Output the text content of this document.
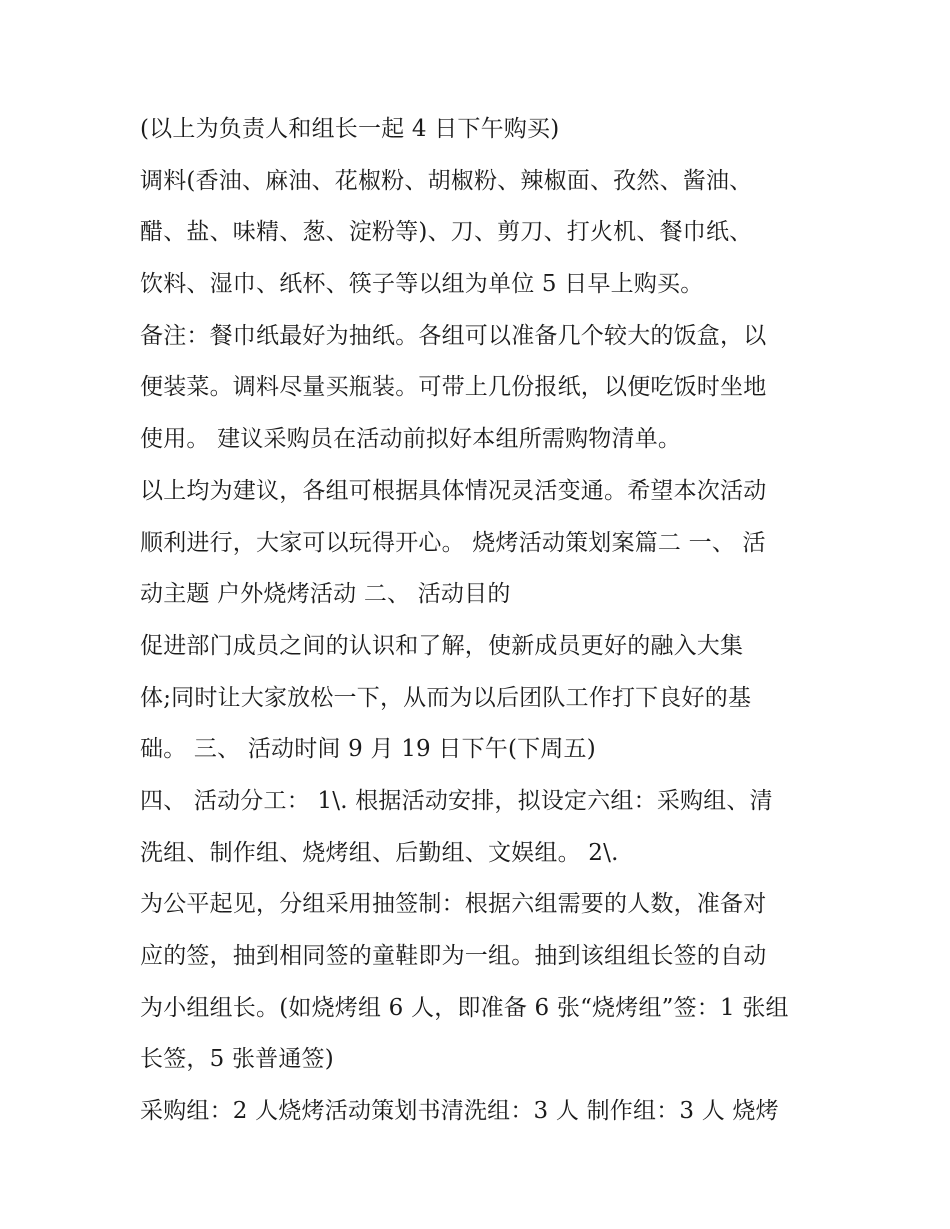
(以上为负责人和组长一起 4 日下午购买)
调料(香油、麻油、花椒粉、胡椒粉、辣椒面、孜然、酱油、
醋、盐、味精、葱、淀粉等)、刀、剪刀、打火机、餐巾纸、
饮料、湿巾、纸杯、筷子等以组为单位 5 日早上购买。
备注：餐巾纸最好为抽纸。各组可以准备几个较大的饭盒，以
便装菜。调料尽量买瓶装。可带上几份报纸，以便吃饭时坐地
使用。 建议采购员在活动前拟好本组所需购物清单。
以上均为建议，各组可根据具体情况灵活变通。希望本次活动
顺利进行，大家可以玩得开心。 烧烤活动策划案篇二 一、 活
动主题 户外烧烤活动 二、 活动目的
促进部门成员之间的认识和了解，使新成员更好的融入大集
体;同时让大家放松一下，从而为以后团队工作打下良好的基
础。 三、 活动时间 9 月 19 日下午(下周五)
四、 活动分工： 1\. 根据活动安排，拟设定六组：采购组、清
洗组、制作组、烧烤组、后勤组、文娱组。 2\.
为公平起见，分组采用抽签制：根据六组需要的人数，准备对
应的签，抽到相同签的童鞋即为一组。抽到该组组长签的自动
为小组组长。(如烧烤组 6 人，即准备 6 张“烧烤组”签：1 张组
长签，5 张普通签)
采购组：2 人烧烤活动策划书清洗组：3 人 制作组：3 人 烧烤
